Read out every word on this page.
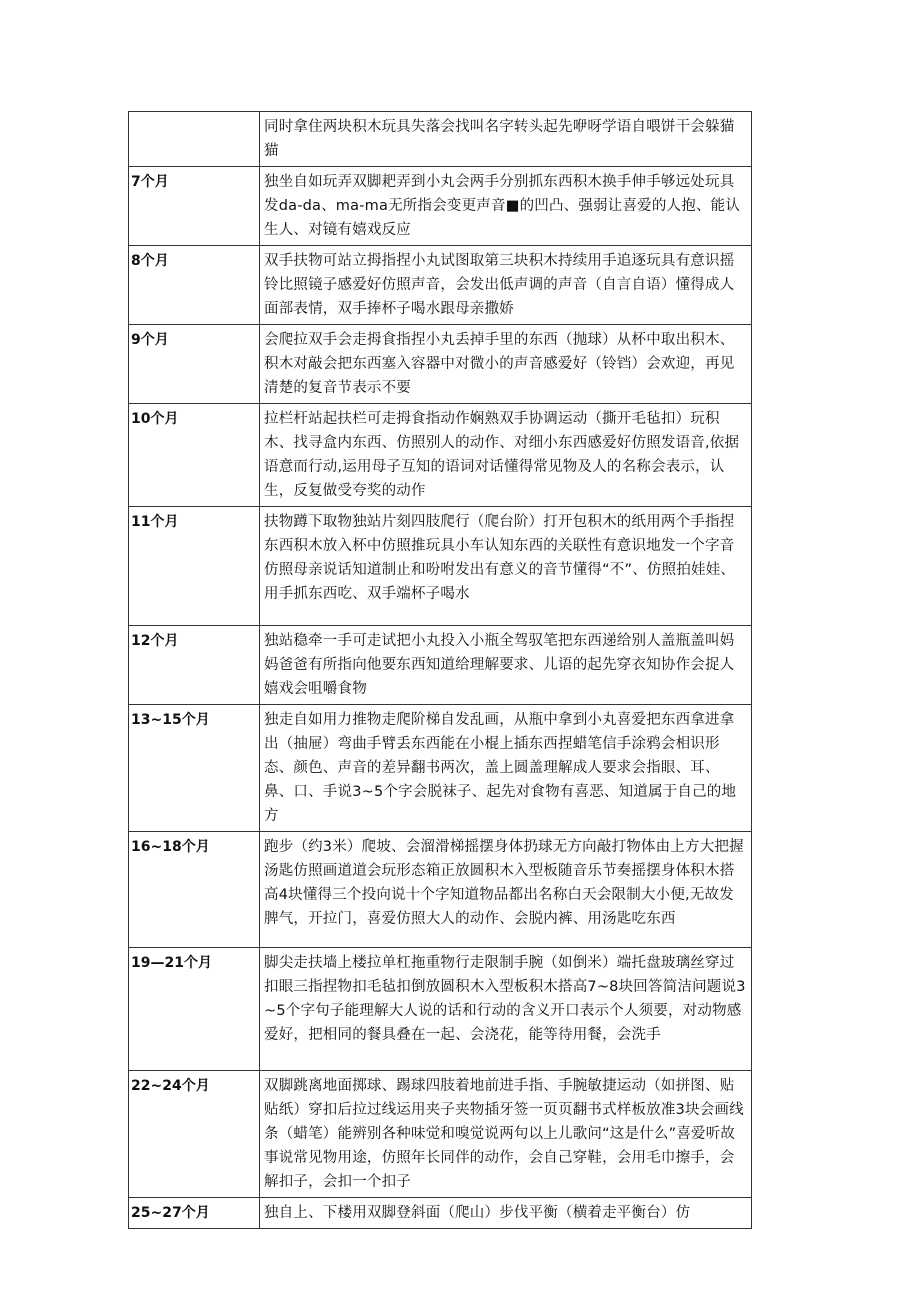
	同时拿住两块积木玩具失落会找叫名字转头起先咿呀学语自喂饼干会躲猫猫
7个月	独坐自如玩弄双脚耙弄到小丸会两手分别抓东西积木换手伸手够远处玩具发da-da、ma-ma无所指会变更声音■的凹凸、强弱让喜爱的人抱、能认生人、对镜有嬉戏反应
8个月	双手扶物可站立拇指捏小丸试图取第三块积木持续用手追逐玩具有意识摇铃比照镜子感爱好仿照声音，会发出低声调的声音（自言自语）懂得成人面部表情，双手捧杯子喝水跟母亲撒娇
9个月	会爬拉双手会走拇食指捏小丸丢掉手里的东西（抛球）从杯中取出积木、积木对敲会把东西塞入容器中对微小的声音感爱好（铃铛）会欢迎，再见清楚的复音节表示不要
10个月	拉栏杆站起扶栏可走拇食指动作娴熟双手协调运动（撕开毛毡扣）玩积木、找寻盒内东西、仿照别人的动作、对细小东西感爱好仿照发语音,依据语意而行动,运用母子互知的语词对话懂得常见物及人的名称会表示，认生，反复做受夸奖的动作
11个月	扶物蹲下取物独站片刻四肢爬行（爬台阶）打开包积木的纸用两个手指捏东西积木放入杯中仿照推玩具小车认知东西的关联性有意识地发一个字音仿照母亲说话知道制止和吩咐发出有意义的音节懂得“不”、仿照拍娃娃、用手抓东西吃、双手端杯子喝水
12个月	独站稳牵一手可走试把小丸投入小瓶全驾驭笔把东西递给别人盖瓶盖叫妈妈爸爸有所指向他要东西知道给理解要求、儿语的起先穿衣知协作会捉人嬉戏会咀嚼食物
13~15个月	独走自如用力推物走爬阶梯自发乱画，从瓶中拿到小丸喜爱把东西拿进拿出（抽屉）弯曲手臂丢东西能在小棍上插东西捏蜡笔信手涂鸦会相识形态、颜色、声音的差异翻书两次，盖上圆盖理解成人要求会指眼、耳、鼻、口、手说3~5个字会脱袜子、起先对食物有喜恶、知道属于自己的地方
16~18个月	跑步（约3米）爬坡、会溜滑梯摇摆身体扔球无方向敲打物体由上方大把握汤匙仿照画道道会玩形态箱正放圆积木入型板随音乐节奏摇摆身体积木搭高4块懂得三个投向说十个字知道物品都出名称白天会限制大小便,无故发脾气，开拉门，喜爱仿照大人的动作、会脱内裤、用汤匙吃东西
19—21个月	脚尖走扶墙上楼拉单杠拖重物行走限制手腕（如倒米）端托盘玻璃丝穿过扣眼三指捏物扣毛毡扣倒放圆积木入型板积木搭高7~8块回答简洁问题说3~5个字句子能理解大人说的话和行动的含义开口表示个人须要，对动物感爱好，把相同的餐具叠在一起、会浇花，能等待用餐，会洗手
22~24个月	双脚跳离地面掷球、踢球四肢着地前进手指、手腕敏捷运动（如拼图、贴贴纸）穿扣后拉过线运用夹子夹物插牙签一页页翻书式样板放准3块会画线条（蜡笔）能辨别各种味觉和嗅觉说两句以上儿歌问“这是什么”喜爱听故事说常见物用途，仿照年长同伴的动作，会自己穿鞋，会用毛巾擦手，会解扣子，会扣一个扣子
25~27个月	独自上、下楼用双脚登斜面（爬山）步伐平衡（横着走平衡台）仿
